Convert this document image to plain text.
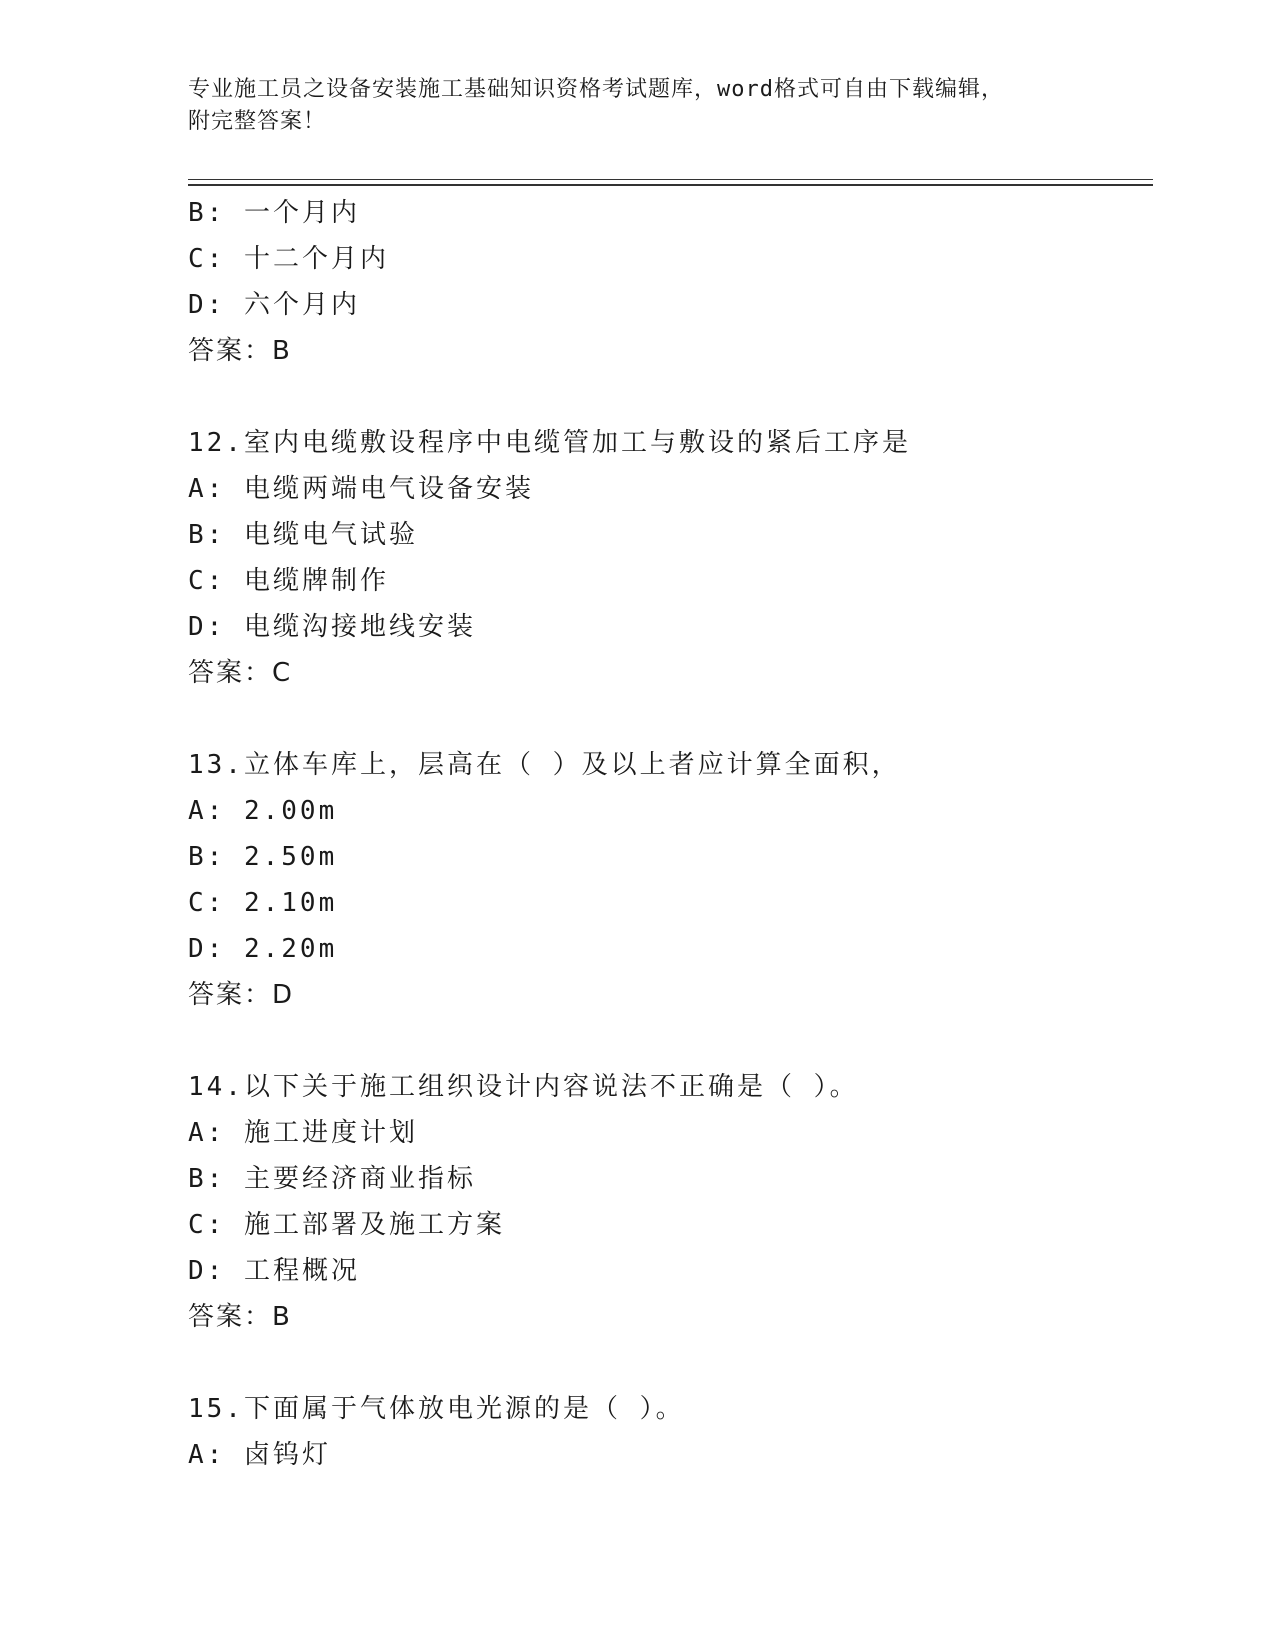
专业施工员之设备安装施工基础知识资格考试题库，word格式可自由下载编辑，

附完整答案！

B: 一个月内
C: 十二个月内
D: 六个月内
答案：B
12.室内电缆敷设程序中电缆管加工与敷设的紧后工序是
A: 电缆两端电气设备安装
B: 电缆电气试验
C: 电缆牌制作
D: 电缆沟接地线安装
答案：C
13.立体车库上，层高在（ ）及以上者应计算全面积，
A: 2.00m
B: 2.50m
C: 2.10m
D: 2.20m
答案：D
14.以下关于施工组织设计内容说法不正确是（ ）。
A: 施工进度计划
B: 主要经济商业指标
C: 施工部署及施工方案
D: 工程概况
答案：B
15.下面属于气体放电光源的是（ ）。
A: 卤钨灯
